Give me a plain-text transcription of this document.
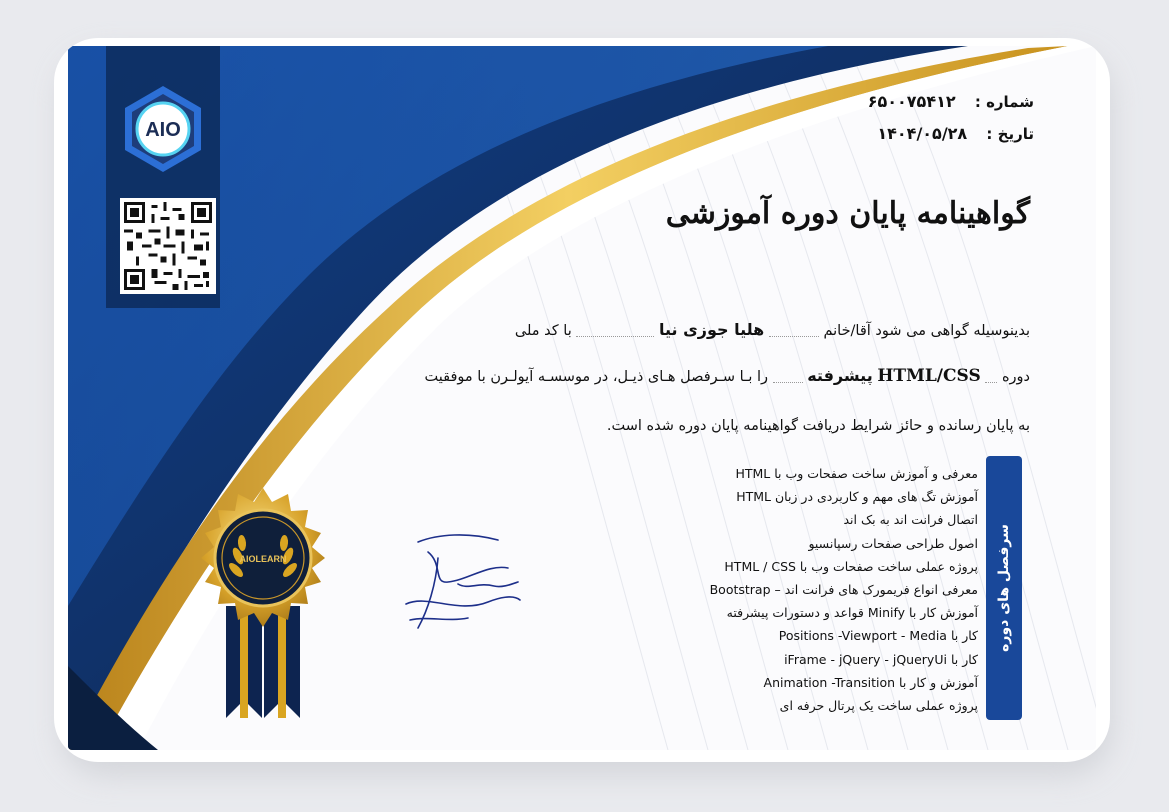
AIO
شماره : ۶۵۰۰۷۵۴۱۲
تاریخ : ۱۴۰۴/۰۵/۲۸
گواهینامه پایان دوره آموزشی
بدینوسیله گواهی می شود آقا/خانم  هلیا جوزی نیا  با کد ملی
دوره  HTML/CSS پیشرفته  را بـا سـرفصل هـای ذیـل، در موسسـه آیولـرن با موفقیت
به پایان رسانده و حائز شرایط دریافت گواهینامه پایان دوره شده است.
سرفصل های دوره
معرفی و آموزش ساخت صفحات وب با HTML
آموزش تگ های مهم و کاربردی در زبان HTML
اتصال فرانت اند به بک اند
اصول طراحی صفحات رسپانسیو
پروژه عملی ساخت صفحات وب با HTML / CSS
معرفی انواع فریمورک های فرانت اند – Bootstrap
آموزش کار با Minify قواعد و دستورات پیشرفته
کار با Positions -Viewport - Media
کار با iFrame - jQuery - jQueryUi
آموزش و کار با Animation -Transition
پروژه عملی ساخت یک پرتال حرفه ای
AIOLEARN
